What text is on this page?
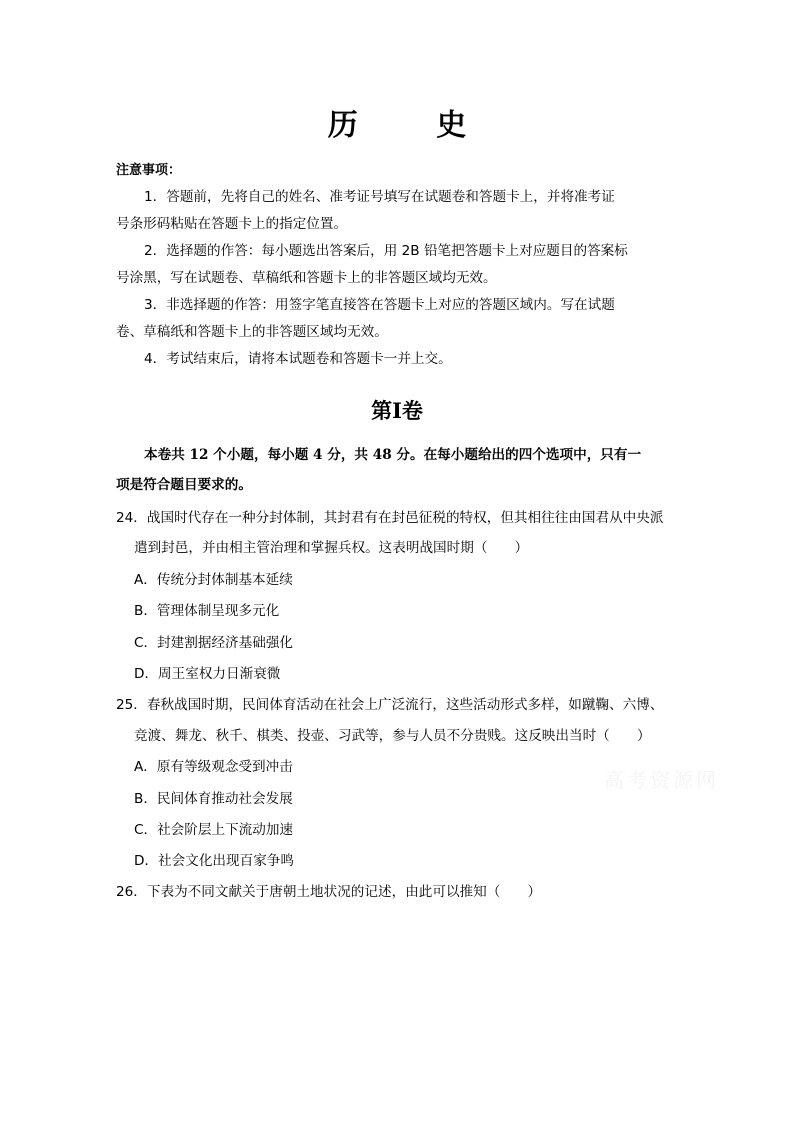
历 史
注意事项：
1．答题前，先将自己的姓名、准考证号填写在试题卷和答题卡上，并将准考证
号条形码粘贴在答题卡上的指定位置。
2．选择题的作答：每小题选出答案后，用 2B 铅笔把答题卡上对应题目的答案标
号涂黑，写在试题卷、草稿纸和答题卡上的非答题区域均无效。
3．非选择题的作答：用签字笔直接答在答题卡上对应的答题区域内。写在试题
卷、草稿纸和答题卡上的非答题区域均无效。
4．考试结束后，请将本试题卷和答题卡一并上交。
第Ⅰ卷
本卷共 12 个小题，每小题 4 分，共 48 分。在每小题给出的四个选项中，只有一
项是符合题目要求的。
24．战国时代存在一种分封体制，其封君有在封邑征税的特权，但其相往往由国君从中央派
遣到封邑，并由相主管治理和掌握兵权。这表明战国时期（　　）
A．传统分封体制基本延续
B．管理体制呈现多元化
C．封建割据经济基础强化
D．周王室权力日渐衰微
25．春秋战国时期，民间体育活动在社会上广泛流行，这些活动形式多样，如蹴鞠、六博、
竞渡、舞龙、秋千、棋类、投壶、习武等，参与人员不分贵贱。这反映出当时（　　）
A．原有等级观念受到冲击
B．民间体育推动社会发展
C．社会阶层上下流动加速
D．社会文化出现百家争鸣
26．下表为不同文献关于唐朝土地状况的记述，由此可以推知（　　）
高考资源网
